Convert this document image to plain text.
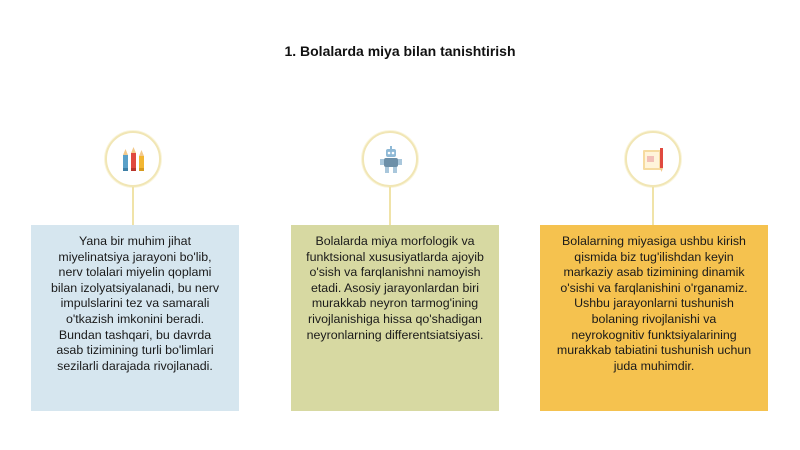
1. Bolalarda miya bilan tanishtirish
Yana bir muhim jihat
miyelinatsiya jarayoni bo'lib,
nerv tolalari miyelin qoplami
bilan izolyatsiyalanadi, bu nerv
impulslarini tez va samarali
o'tkazish imkonini beradi.
Bundan tashqari, bu davrda
asab tizimining turli bo'limlari
sezilarli darajada rivojlanadi.
Bolalarda miya morfologik va
funktsional xususiyatlarda ajoyib
o'sish va farqlanishni namoyish
etadi. Asosiy jarayonlardan biri
murakkab neyron tarmog'ining
rivojlanishiga hissa qo'shadigan
neyronlarning differentsiatsiyasi.
Bolalarning miyasiga ushbu kirish
qismida biz tug'ilishdan keyin
markaziy asab tizimining dinamik
o'sishi va farqlanishini o'rganamiz.
Ushbu jarayonlarni tushunish
bolaning rivojlanishi va
neyrokognitiv funktsiyalarining
murakkab tabiatini tushunish uchun
juda muhimdir.
